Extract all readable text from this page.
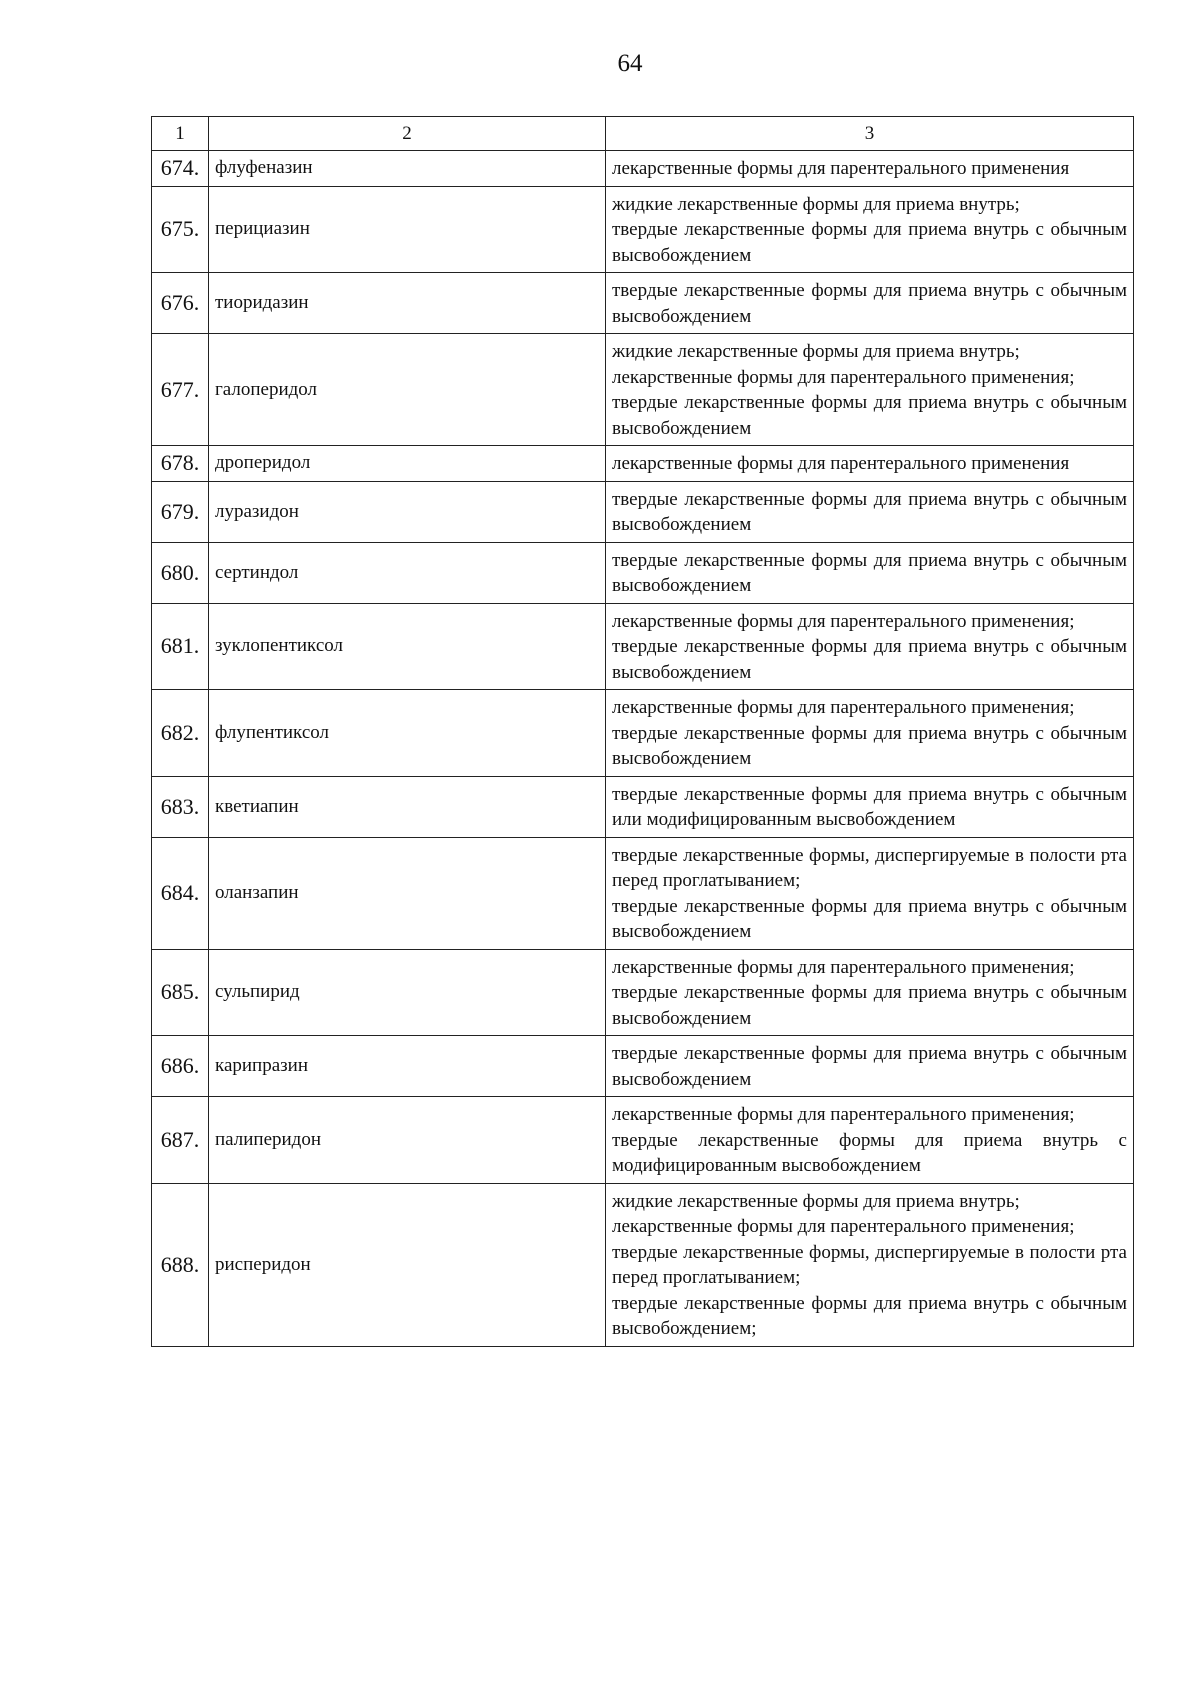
64
1	2	3
674.	флуфеназин	лекарственные формы для парентерального применения

675.	перициазин	жидкие лекарственные формы для приема внутрь;
твердые лекарственные формы для приема внутрь с обычным высвобождением

676.	тиоридазин	твердые лекарственные формы для приема внутрь с обычным высвобождением

677.	галоперидол	жидкие лекарственные формы для приема внутрь;
лекарственные формы для парентерального применения;
твердые лекарственные формы для приема внутрь с обычным высвобождением

678.	дроперидол	лекарственные формы для парентерального применения

679.	луразидон	твердые лекарственные формы для приема внутрь с обычным высвобождением

680.	сертиндол	твердые лекарственные формы для приема внутрь с обычным высвобождением

681.	зуклопентиксол	лекарственные формы для парентерального применения;
твердые лекарственные формы для приема внутрь с обычным высвобождением

682.	флупентиксол	лекарственные формы для парентерального применения;
твердые лекарственные формы для приема внутрь с обычным высвобождением

683.	кветиапин	твердые лекарственные формы для приема внутрь с обычным или модифицированным высвобождением

684.	оланзапин	твердые лекарственные формы, диспергируемые в полости рта перед проглатыванием;
твердые лекарственные формы для приема внутрь с обычным высвобождением

685.	сульпирид	лекарственные формы для парентерального применения;
твердые лекарственные формы для приема внутрь с обычным высвобождением

686.	карипразин	твердые лекарственные формы для приема внутрь с обычным высвобождением

687.	палиперидон	лекарственные формы для парентерального применения;
твердые лекарственные формы для приема внутрь с модифицированным высвобождением

688.	рисперидон	жидкие лекарственные формы для приема внутрь;
лекарственные формы для парентерального применения;
твердые лекарственные формы, диспергируемые в полости рта перед проглатыванием;
твердые лекарственные формы для приема внутрь с обычным высвобождением;
